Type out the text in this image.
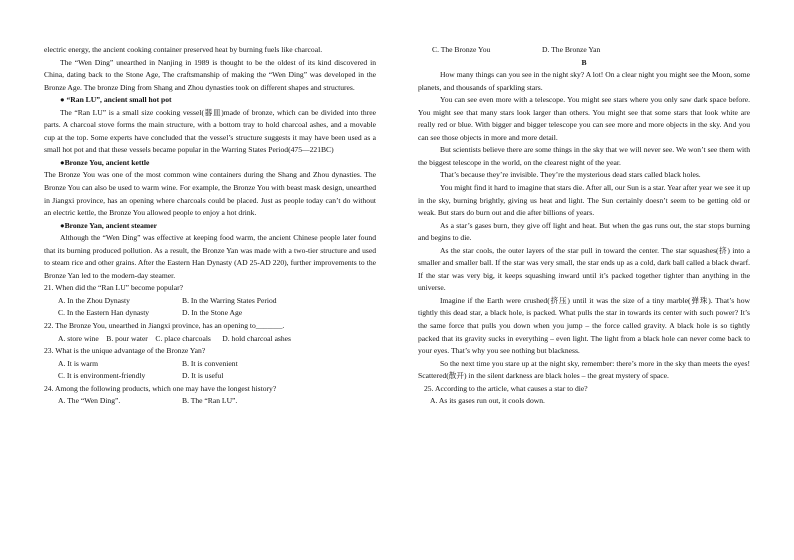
electric energy, the ancient cooking container preserved heat by burning fuels like charcoal.

The “Wen Ding” unearthed in Nanjing in 1989 is thought to be the oldest of its kind discovered in China, dating back to the Stone Age, The craftsmanship of making the “Wen Ding” was developed in the Bronze Age. The bronze Ding from Shang and Zhou dynasties took on different shapes and structures.

● “Ran LU”, ancient small hot pot

The “Ran LU” is a small size cooking vessel(器皿)made of bronze, which can be divided into three parts. A charcoal stove forms the main structure, with a bottom tray to hold charcoal ashes, and a movable cup at the top. Some experts have concluded that the vessel’s structure suggests it may have been used as a small hot pot and that these vessels became popular in the Warring States Period(475—221BC)

●Bronze You, ancient kettle

The Bronze You was one of the most common wine containers during the Shang and Zhou dynasties. The Bronze You can also be used to warm wine. For example, the Bronze You with beast mask design, unearthed in Jiangxi province, has an opening where charcoals could be placed. Just as people today can’t do without an electric kettle, the Bronze You allowed people to enjoy a hot drink.

●Bronze Yan, ancient steamer

Although the “Wen Ding” was effective at keeping food warm, the ancient Chinese people later found that its burning produced pollution. As a result, the Bronze Yan was made with a two-tier structure and used to steam rice and other grains. After the Eastern Han Dynasty (AD 25-AD 220), further improvements to the Bronze Yan led to the modern-day steamer.

21. When did the “Ran LU” become popular?

A. In the Zhou Dynasty	B. In the Warring States Period
C. In the Eastern Han dynasty	D. In the Stone Age

22. The Bronze You, unearthed in Jiangxi province, has an opening to_______.

A. store wine    B. pour water    C. place charcoals      D. hold charcoal ashes

23. What is the unique advantage of the Bronze Yan?

A. It is warm	B. It is convenient
C. It is environment-friendly	D. It is useful

24. Among the following products, which one may have the longest history?

A. The “Wen Ding”.	B. The “Ran LU”.
C. The Bronze You	D. The Bronze Yan

B

How many things can you see in the night sky? A lot! On a clear night you might see the Moon, some planets, and thousands of sparkling stars.

You can see even more with a telescope. You might see stars where you only saw dark space before. You might see that many stars look larger than others. You might see that some stars that look white are really red or blue. With bigger and bigger telescope you can see more and more objects in the sky. And you can see those objects in more and more detail.

But scientists believe there are some things in the sky that we will never see. We won’t see them with the biggest telescope in the world, on the clearest night of the year.

That’s because they’re invisible. They’re the mysterious dead stars called black holes.

You might find it hard to imagine that stars die. After all, our Sun is a star. Year after year we see it up in the sky, burning brightly, giving us heat and light. The Sun certainly doesn’t seem to be getting old or weak. But stars do burn out and die after billions of years.

As a star’s gases burn, they give off light and heat. But when the gas runs out, the star stops burning and begins to die.

As the star cools, the outer layers of the star pull in toward the center. The star squashes(挤) into a smaller and smaller ball. If the star was very small, the star ends up as a cold, dark ball called a black dwarf. If the star was very big, it keeps squashing inward until it’s packed together tighter than anything in the universe.

Imagine if the Earth were crushed(挤压) until it was the size of a tiny marble(弹珠). That’s how tightly this dead star, a black hole, is packed. What pulls the star in towards its center with such power? It’s the same force that pulls you down when you jump – the force called gravity. A black hole is so tightly packed that its gravity sucks in everything – even light. The light from a black hole can never come back to your eyes. That’s why you see nothing but blackness.

So the next time you stare up at the night sky, remember: there’s more in the sky than meets the eyes! Scattered(散开) in the silent darkness are black holes – the great mystery of space.

25. According to the article, what causes a star to die?

A. As its gases run out, it cools down.
